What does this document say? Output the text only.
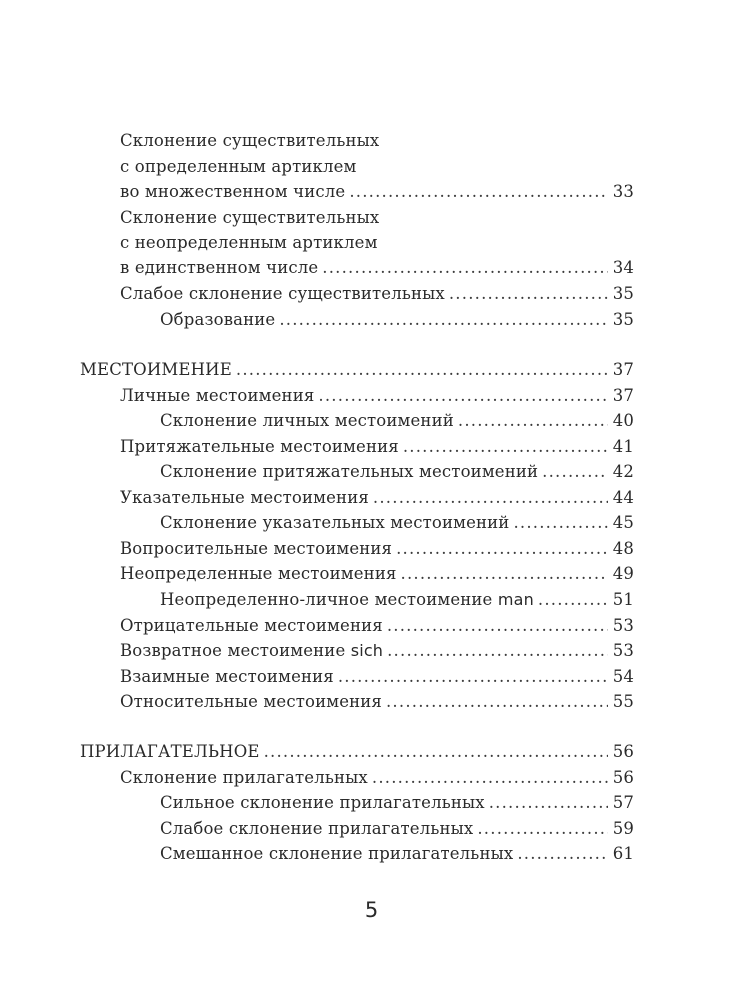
Склонение существительных
с определенным артиклем
во множественном числе .....	33
Склонение существительных
с неопределенным артиклем
в единственном числе .....	34
Слабое склонение существительных .....	35
Образование .....	35
МЕСТОИМЕНИЕ .....	37
Личные местоимения .....	37
Склонение личных местоимений .....	40
Притяжательные местоимения .....	41
Склонение притяжательных местоимений .....	42
Указательные местоимения .....	44
Склонение указательных местоимений .....	45
Вопросительные местоимения .....	48
Неопределенные местоимения .....	49
Неопределенно-личное местоимение man .....	51
Отрицательные местоимения .....	53
Возвратное местоимение sich .....	53
Взаимные местоимения .....	54
Относительные местоимения .....	55
ПРИЛАГАТЕЛЬНОЕ .....	56
Склонение прилагательных .....	56
Сильное склонение прилагательных .....	57
Слабое склонение прилагательных .....	59
Смешанное склонение прилагательных .....	61
5
